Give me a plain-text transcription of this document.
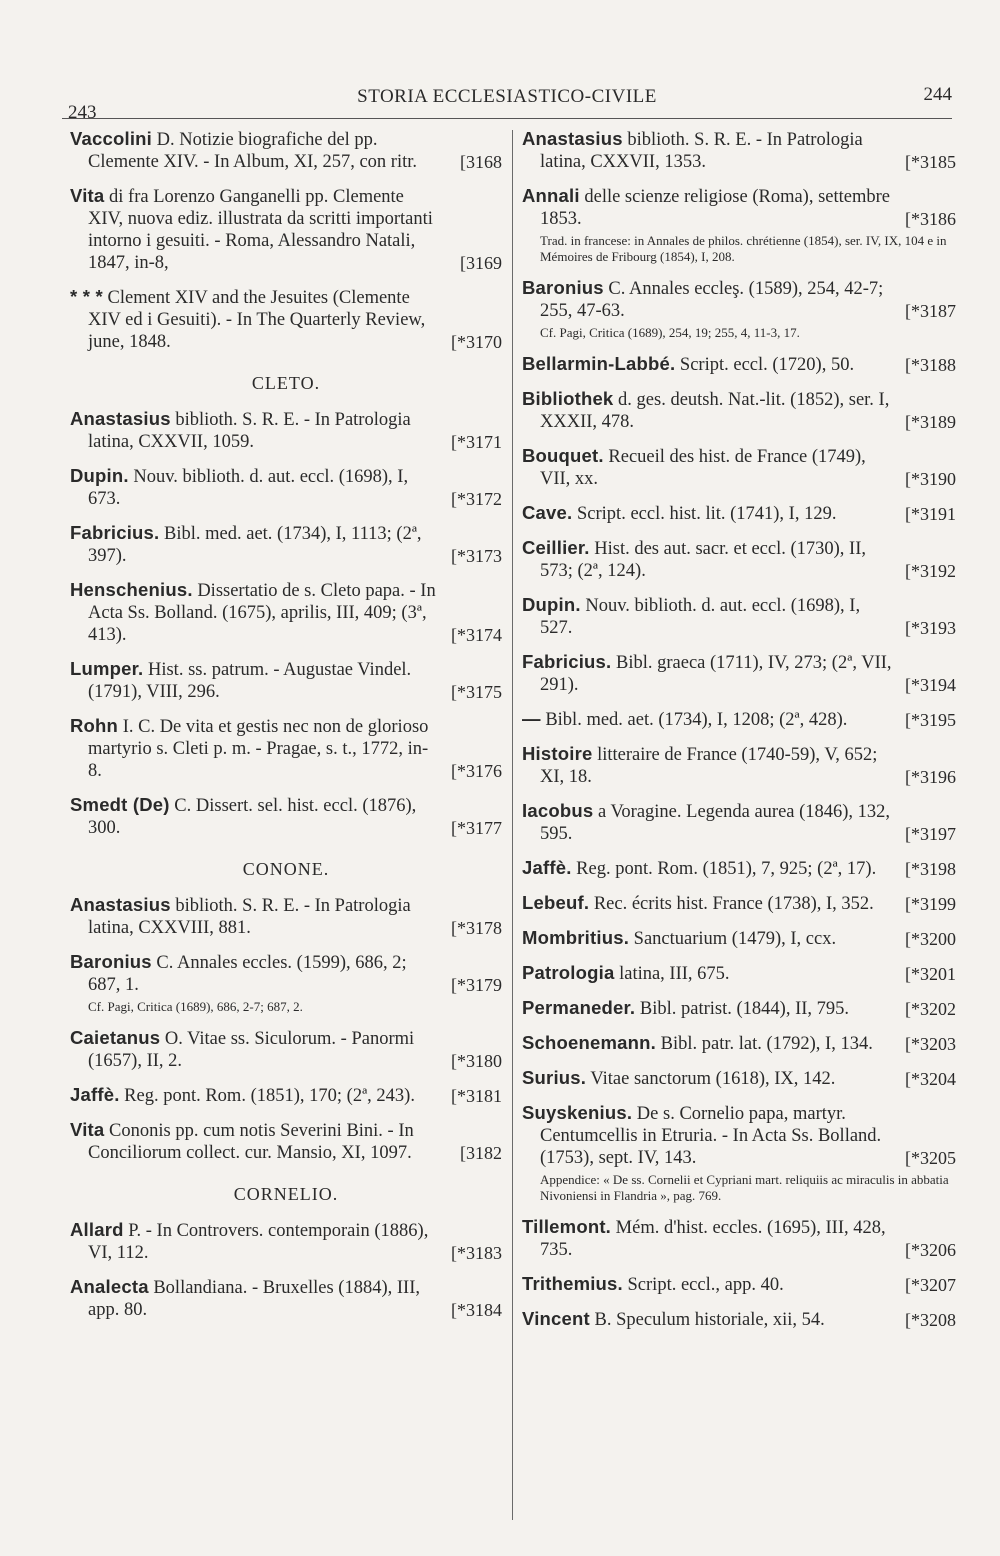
243
STORIA ECCLESIASTICO-CIVILE	244
Vaccolini D. Notizie biografiche del pp. Clemente XIV. - In Album, XI, 257, con ritr.	[3168
Vita di fra Lorenzo Ganganelli pp. Clemente XIV, nuova ediz. illustrata da scritti importanti intorno i gesuiti. - Roma, Alessandro Natali, 1847, in-8,	[3169
* * * Clement XIV and the Jesuites (Clemente XIV ed i Gesuiti). - In The Quarterly Review, june, 1848.	[*3170
CLETO.
Anastasius biblioth. S. R. E. - In Patrologia latina, CXXVII, 1059.	[*3171
Dupin. Nouv. biblioth. d. aut. eccl. (1698), I, 673.	[*3172
Fabricius. Bibl. med. aet. (1734), I, 1113; (2ª, 397).	[*3173
Henschenius. Dissertatio de s. Cleto papa. - In Acta Ss. Bolland. (1675), aprilis, III, 409; (3ª, 413).	[*3174
Lumper. Hist. ss. patrum. - Augustae Vindel. (1791), VIII, 296.	[*3175
Rohn I. C. De vita et gestis nec non de glorioso martyrio s. Cleti p. m. - Pragae, s. t., 1772, in-8.	[*3176
Smedt (De) C. Dissert. sel. hist. eccl. (1876), 300.	[*3177
CONONE.
Anastasius biblioth. S. R. E. - In Patrologia latina, CXXVIII, 881.	[*3178
Baronius C. Annales eccles. (1599), 686, 2; 687, 1.
Cf. Pagi, Critica (1689), 686, 2-7; 687, 2.
[*3179
Caietanus O. Vitae ss. Siculorum. - Panormi (1657), II, 2.	[*3180
Jaffè. Reg. pont. Rom. (1851), 170; (2ª, 243).	[*3181
Vita Cononis pp. cum notis Severini Bini. - In Conciliorum collect. cur. Mansio, XI, 1097.	[3182
CORNELIO.
Allard P. - In Controvers. contemporain (1886), VI, 112.	[*3183
Analecta Bollandiana. - Bruxelles (1884), III, app. 80.	[*3184
Anastasius biblioth. S. R. E. - In Patrologia latina, CXXVII, 1353.	[*3185
Annali delle scienze religiose (Roma), settembre 1853.
Trad. in francese: in Annales de philos. chrétienne (1854), ser. IV, IX, 104 e in Mémoires de Fribourg (1854), I, 208.
[*3186
Baronius C. Annales eccleş. (1589), 254, 42-7; 255, 47-63.
Cf. Pagi, Critica (1689), 254, 19; 255, 4, 11-3, 17.
[*3187
Bellarmin-Labbé. Script. eccl. (1720), 50.	[*3188
Bibliothek d. ges. deutsh. Nat.-lit. (1852), ser. I, XXXII, 478.	[*3189
Bouquet. Recueil des hist. de France (1749), VII, xx.	[*3190
Cave. Script. eccl. hist. lit. (1741), I, 129.	[*3191
Ceillier. Hist. des aut. sacr. et eccl. (1730), II, 573; (2ª, 124).	[*3192
Dupin. Nouv. biblioth. d. aut. eccl. (1698), I, 527.	[*3193
Fabricius. Bibl. graeca (1711), IV, 273; (2ª, VII, 291).	[*3194
— Bibl. med. aet. (1734), I, 1208; (2ª, 428).	[*3195
Histoire litteraire de France (1740-59), V, 652; XI, 18.	[*3196
Iacobus a Voragine. Legenda aurea (1846), 132, 595.	[*3197
Jaffè. Reg. pont. Rom. (1851), 7, 925; (2ª, 17).	[*3198
Lebeuf. Rec. écrits hist. France (1738), I, 352.	[*3199
Mombritius. Sanctuarium (1479), I, ccx.	[*3200
Patrologia latina, III, 675.	[*3201
Permaneder. Bibl. patrist. (1844), II, 795.	[*3202
Schoenemann. Bibl. patr. lat. (1792), I, 134.	[*3203
Surius. Vitae sanctorum (1618), IX, 142.	[*3204
Suyskenius. De s. Cornelio papa, martyr. Centumcellis in Etruria. - In Acta Ss. Bolland. (1753), sept. IV, 143.
Appendice: « De ss. Cornelii et Cypriani mart. reliquiis ac miraculis in abbatia Nivoniensi in Flandria », pag. 769.
[*3205
Tillemont. Mém. d'hist. eccles. (1695), III, 428, 735.	[*3206
Trithemius. Script. eccl., app. 40.	[*3207
Vincent B. Speculum historiale, xii, 54.	[*3208
